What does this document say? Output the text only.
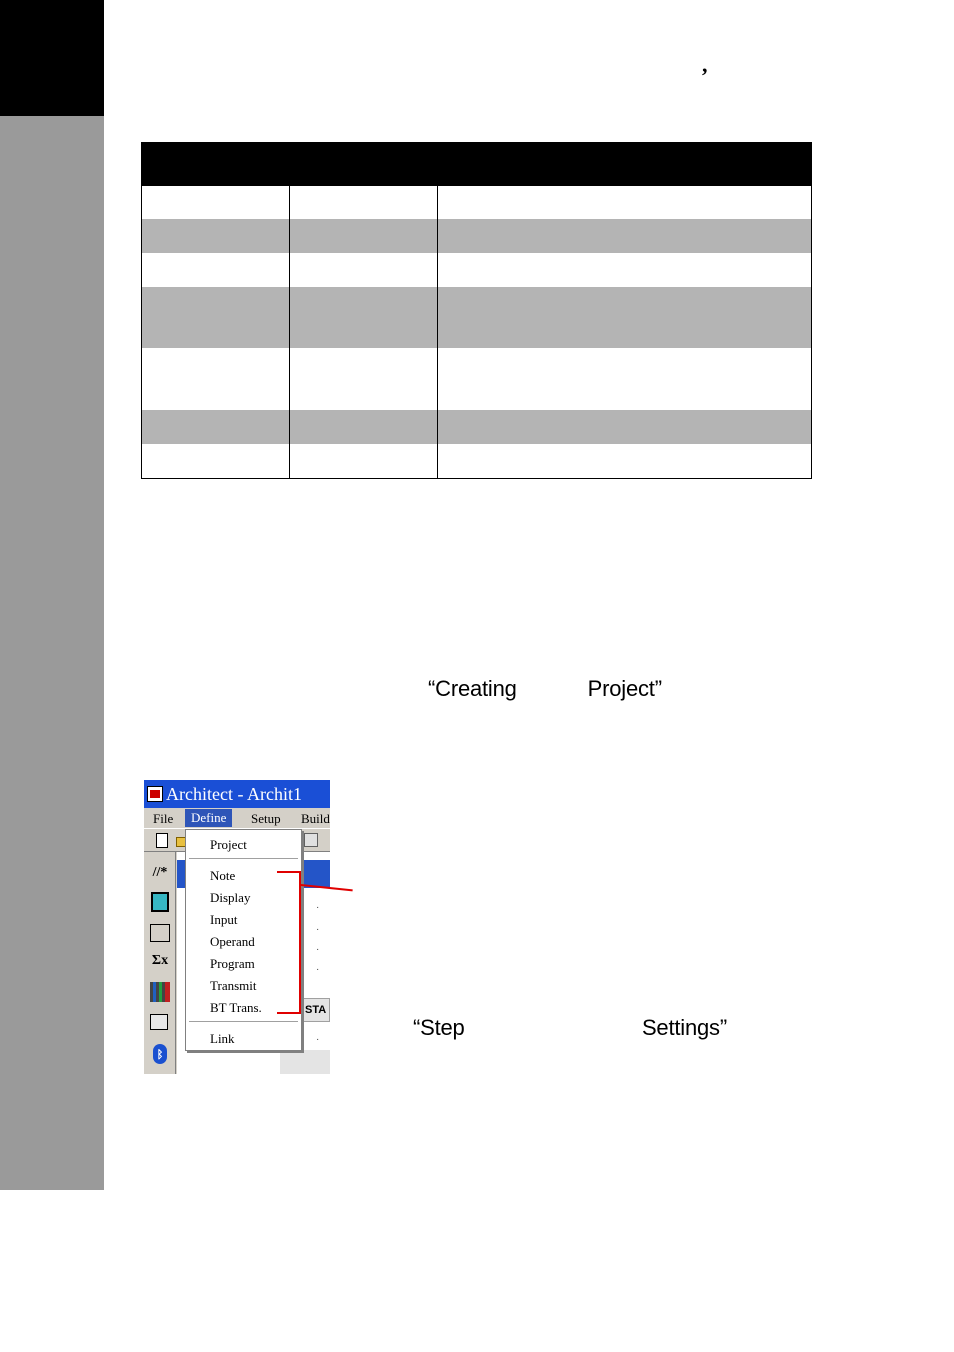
,
“Creating            Project”
“Step                              Settings”
Architect - Archit1
File	Define	Setup Build
//*
Σx
ᛒ
·
·
·
·
STA
·
Project
Note
Display
Input
Operand
Program
Transmit
BT Trans.
Link
